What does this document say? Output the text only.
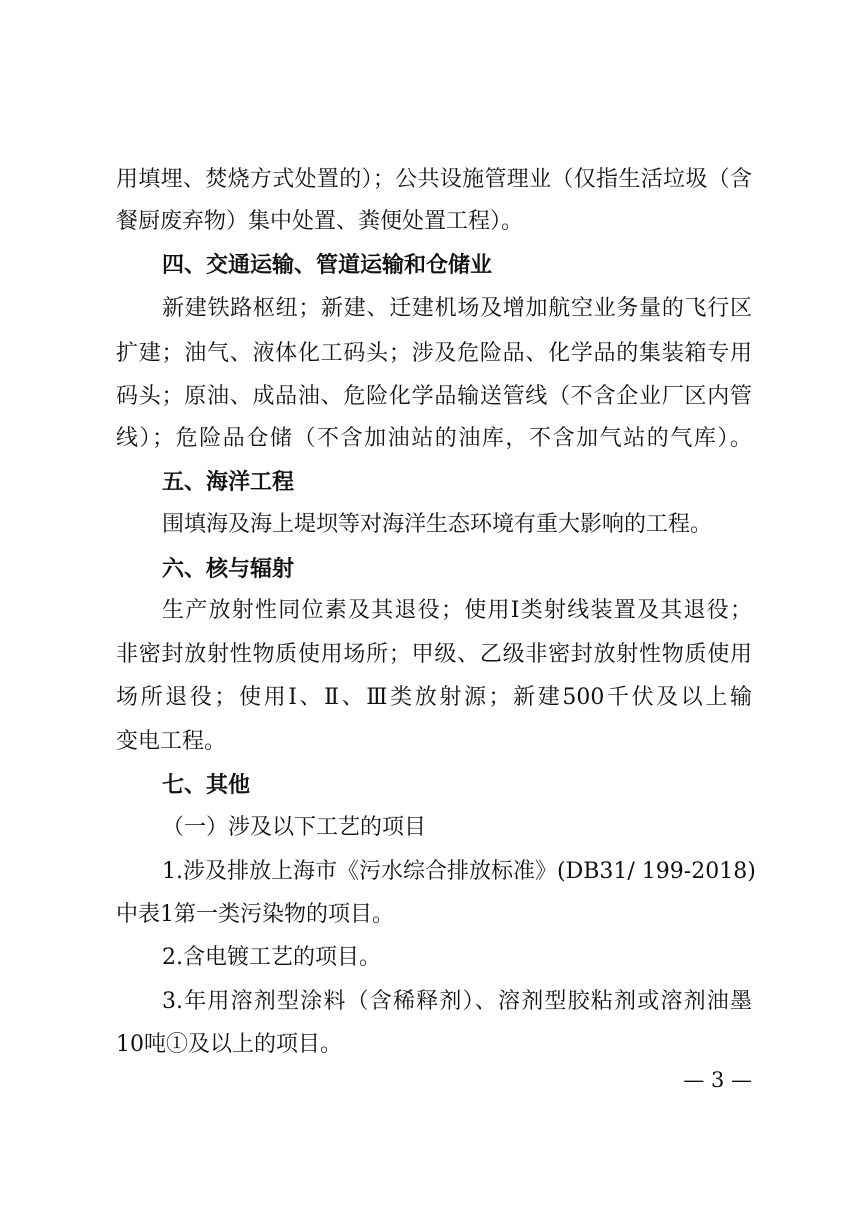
用填埋、焚烧方式处置的）；公共设施管理业（仅指生活垃圾（含
餐厨废弃物）集中处置、粪便处置工程）。
四、交通运输、管道运输和仓储业
新建铁路枢纽；新建、迁建机场及增加航空业务量的飞行区
扩建；油气、液体化工码头；涉及危险品、化学品的集装箱专用
码头；原油、成品油、危险化学品输送管线（不含企业厂区内管
线）；危险品仓储（不含加油站的油库，不含加气站的气库）。
五、海洋工程
围填海及海上堤坝等对海洋生态环境有重大影响的工程。
六、核与辐射
生产放射性同位素及其退役；使用Ⅰ类射线装置及其退役；
非密封放射性物质使用场所；甲级、乙级非密封放射性物质使用
场所退役；使用Ⅰ、Ⅱ、Ⅲ类放射源；新建500千伏及以上输
变电工程。
七、其他
（一）涉及以下工艺的项目
1.涉及排放上海市《污水综合排放标准》(DB31/ 199-2018)
中表1第一类污染物的项目。
2.含电镀工艺的项目。
3.年用溶剂型涂料（含稀释剂）、溶剂型胶粘剂或溶剂油墨
10吨①及以上的项目。
— 3 —
